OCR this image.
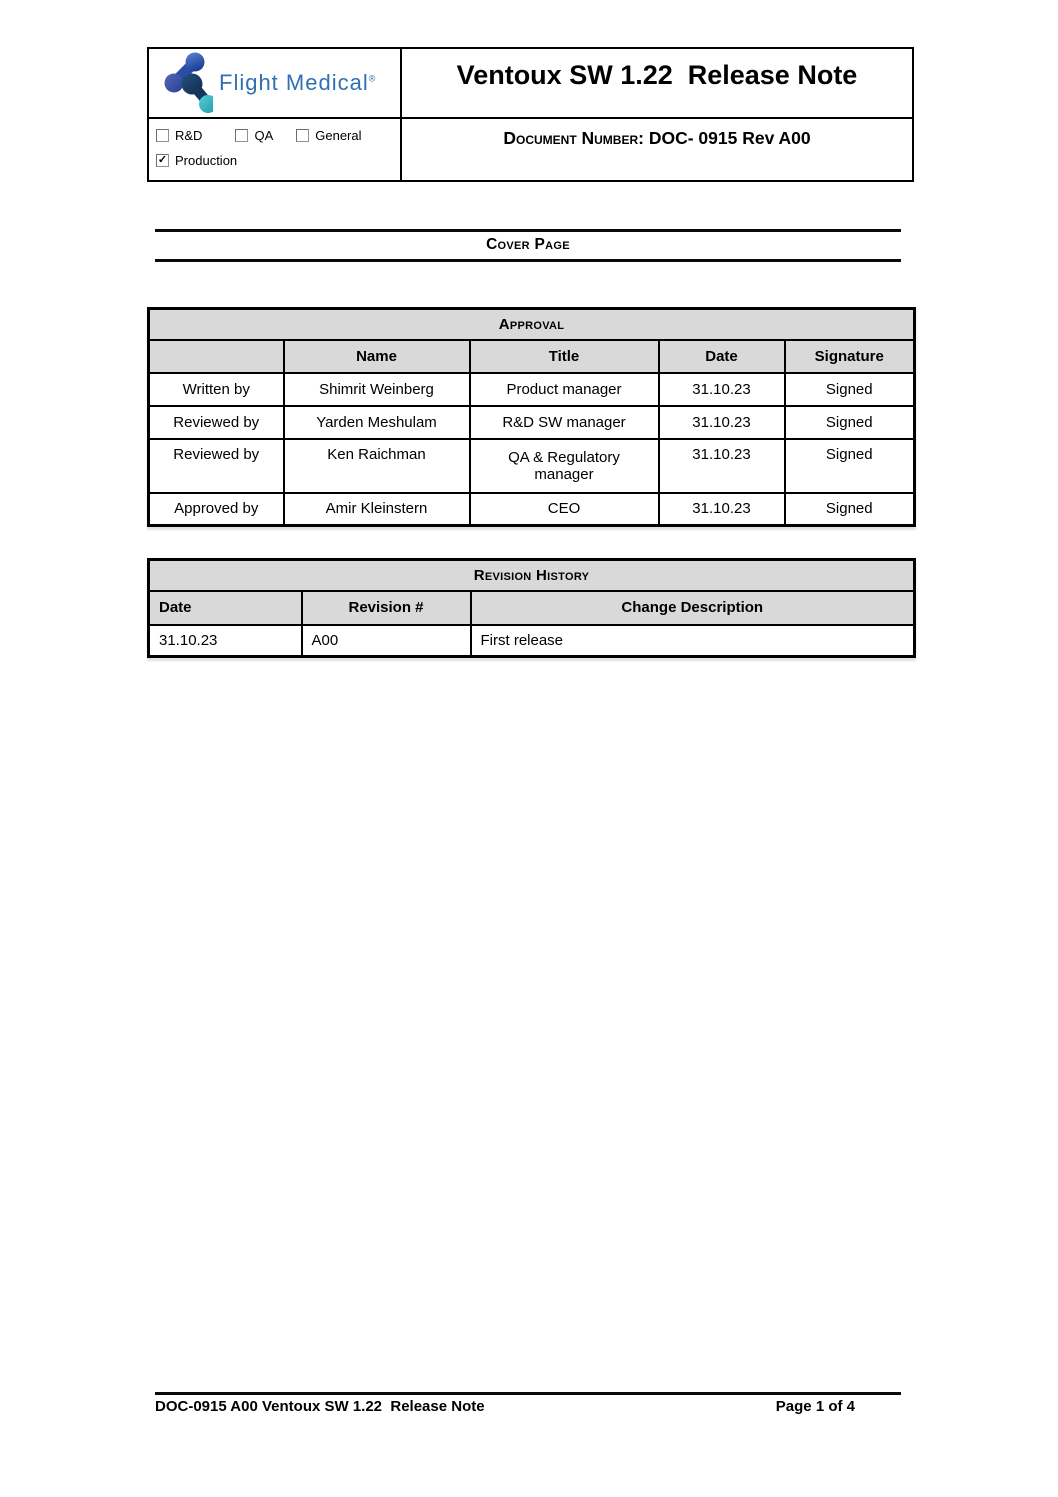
Flight Medical®	Ventoux SW 1.22  Release Note
R&D	QA	General
✓ Production
Document Number: DOC- 0915 Rev A00
Cover Page
Approval				
	Name	Title	Date	Signature
Written by	Shimrit Weinberg	Product manager	31.10.23	Signed
Reviewed by	Yarden Meshulam	R&D SW manager	31.10.23	Signed
Reviewed by	Ken Raichman	QA & Regulatory manager	31.10.23	Signed
Approved by	Amir Kleinstern	CEO	31.10.23	Signed
Revision History		
Date	Revision #	Change Description
31.10.23	A00	First release
DOC-0915 A00 Ventoux SW 1.22  Release Note	Page 1 of 4
